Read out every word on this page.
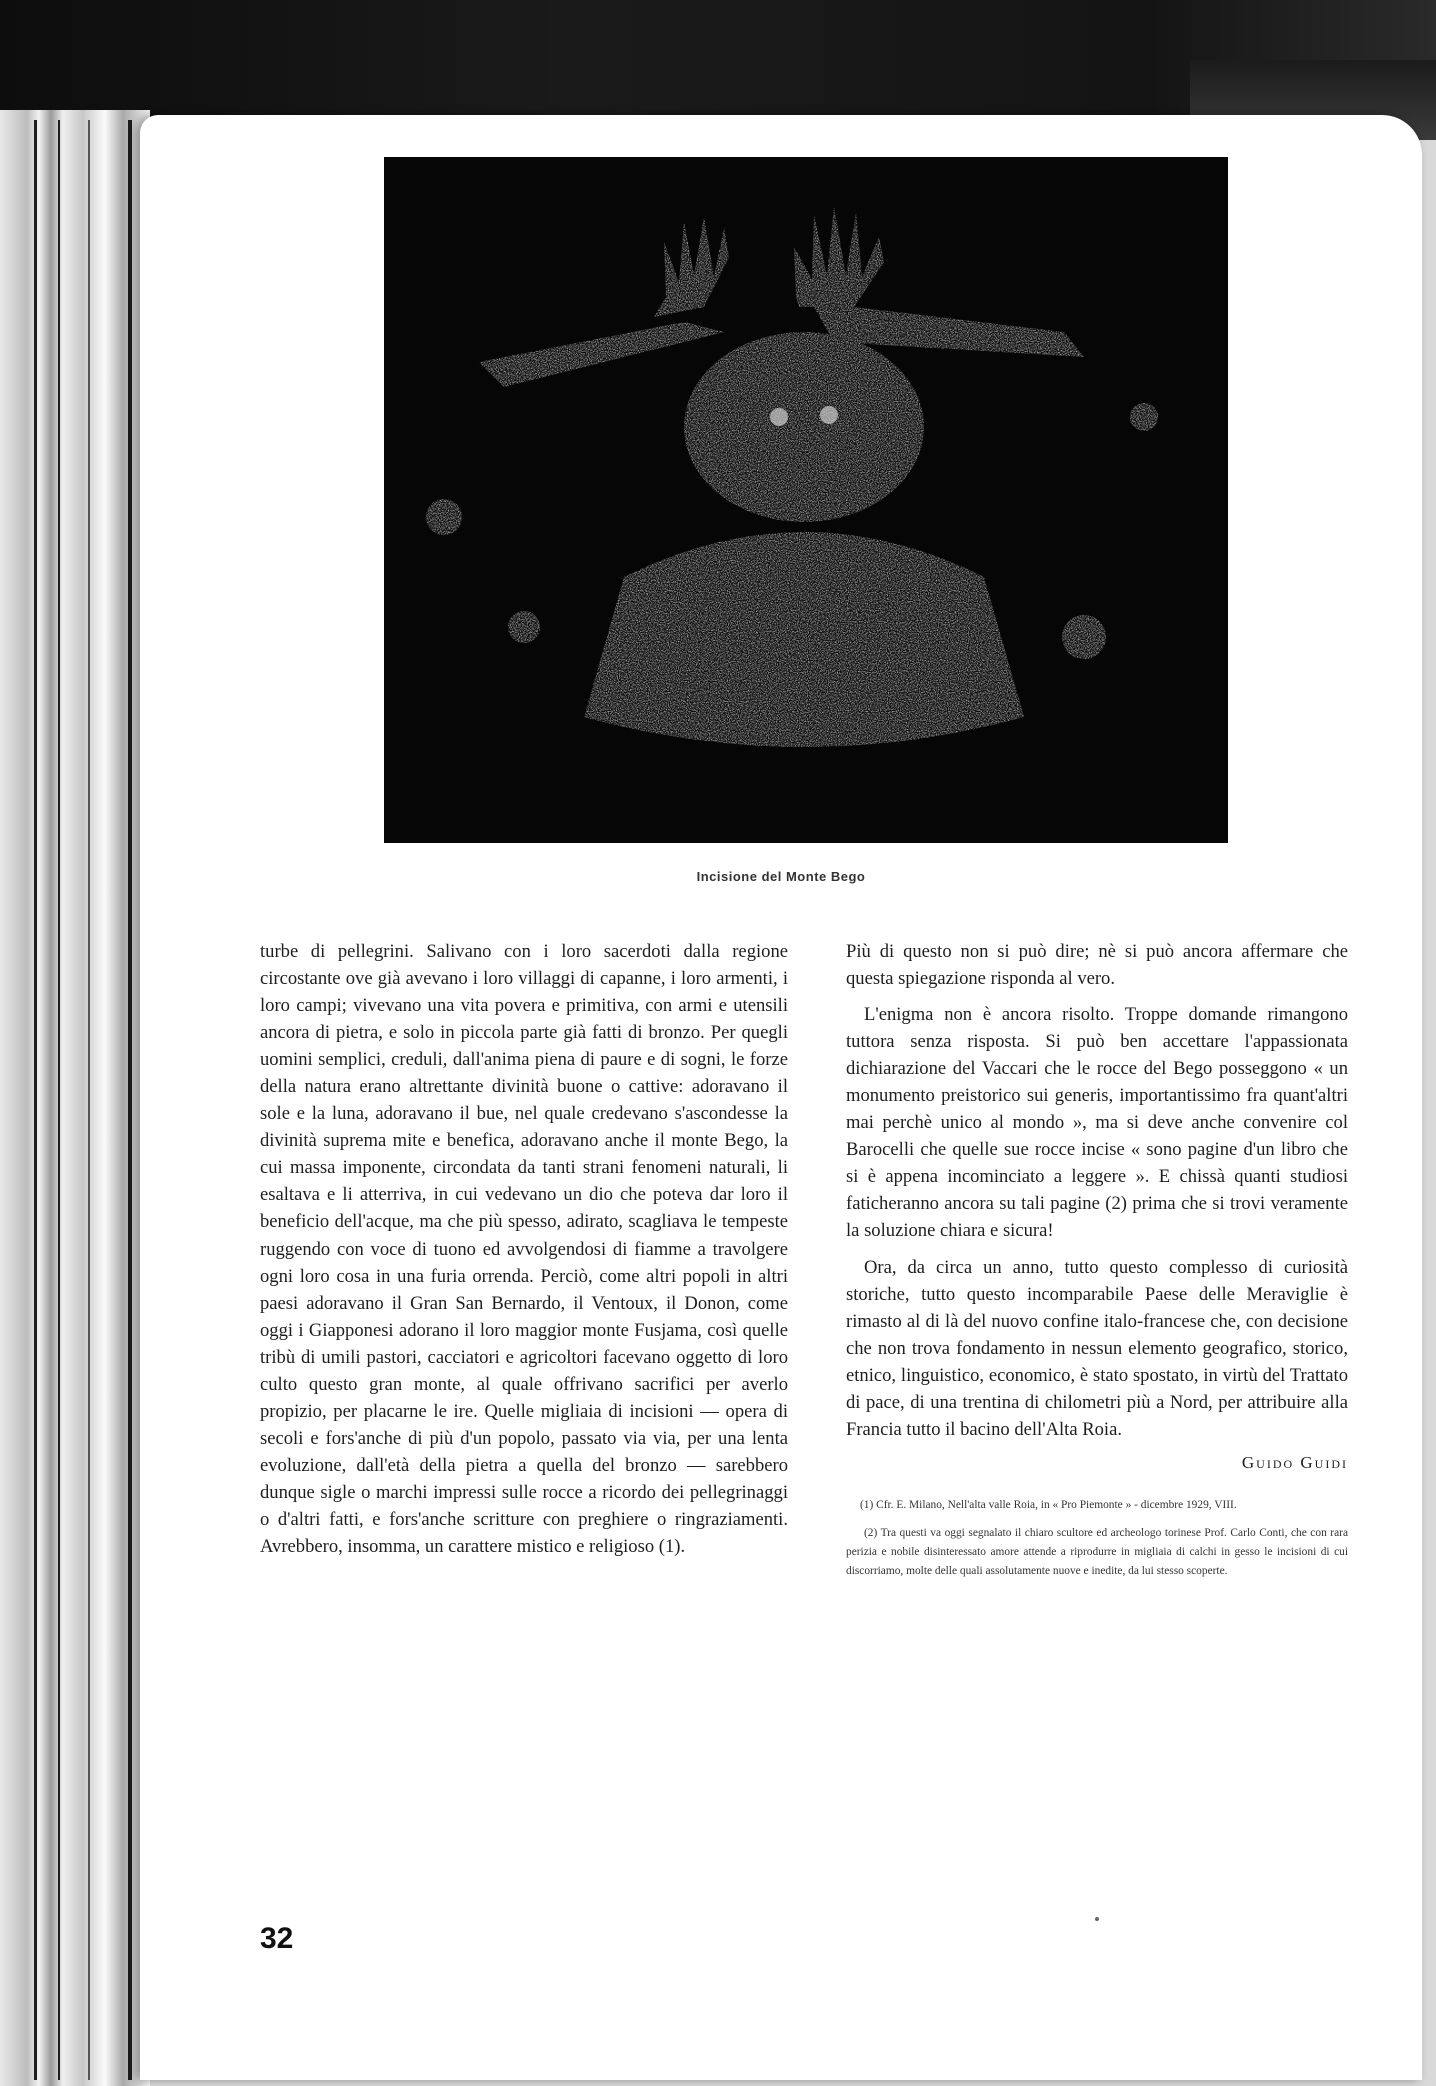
Incisione del Monte Bego

turbe di pellegrini. Salivano con i loro sacerdoti dalla regione circostante ove già avevano i loro villaggi di capanne, i loro armenti, i loro campi; vivevano una vita povera e primitiva, con armi e utensili ancora di pietra, e solo in piccola parte già fatti di bronzo. Per quegli uomini semplici, creduli, dall'anima piena di paure e di sogni, le forze della natura erano altrettante divinità buone o cattive: adoravano il sole e la luna, adoravano il bue, nel quale credevano s'ascondesse la divinità suprema mite e benefica, adoravano anche il monte Bego, la cui massa imponente, circondata da tanti strani fenomeni naturali, li esaltava e li atterriva, in cui vedevano un dio che poteva dar loro il beneficio dell'acque, ma che più spesso, adirato, scagliava le tempeste ruggendo con voce di tuono ed avvolgendosi di fiamme a travolgere ogni loro cosa in una furia orrenda. Perciò, come altri popoli in altri paesi adoravano il Gran San Bernardo, il Ventoux, il Donon, come oggi i Giapponesi adorano il loro maggior monte Fusjama, così quelle tribù di umili pastori, cacciatori e agricoltori facevano oggetto di loro culto questo gran monte, al quale offrivano sacrifici per averlo propizio, per placarne le ire. Quelle migliaia di incisioni — opera di secoli e fors'anche di più d'un popolo, passato via via, per una lenta evoluzione, dall'età della pietra a quella del bronzo — sarebbero dunque sigle o marchi impressi sulle rocce a ricordo dei pellegrinaggi o d'altri fatti, e fors'anche scritture con preghiere o ringraziamenti. Avrebbero, insomma, un carattere mistico e religioso (1).

Più di questo non si può dire; nè si può ancora affermare che questa spiegazione risponda al vero.

L'enigma non è ancora risolto. Troppe domande rimangono tuttora senza risposta. Si può ben accettare l'appassionata dichiarazione del Vaccari che le rocce del Bego posseggono « un monumento preistorico sui generis, importantissimo fra quant'altri mai perchè unico al mondo », ma si deve anche convenire col Barocelli che quelle sue rocce incise « sono pagine d'un libro che si è appena incominciato a leggere ». E chissà quanti studiosi faticheranno ancora su tali pagine (2) prima che si trovi veramente la soluzione chiara e sicura!

Ora, da circa un anno, tutto questo complesso di curiosità storiche, tutto questo incomparabile Paese delle Meraviglie è rimasto al di là del nuovo confine italo-francese che, con decisione che non trova fondamento in nessun elemento geografico, storico, etnico, linguistico, economico, è stato spostato, in virtù del Trattato di pace, di una trentina di chilometri più a Nord, per attribuire alla Francia tutto il bacino dell'Alta Roia.

Guido Guidi

(1) Cfr. E. Milano, Nell'alta valle Roia, in « Pro Piemonte » - dicembre 1929, VIII.

(2) Tra questi va oggi segnalato il chiaro scultore ed archeologo torinese Prof. Carlo Conti, che con rara perizia e nobile disinteressato amore attende a riprodurre in migliaia di calchi in gesso le incisioni di cui discorriamo, molte delle quali assolutamente nuove e inedite, da lui stesso scoperte.

32
